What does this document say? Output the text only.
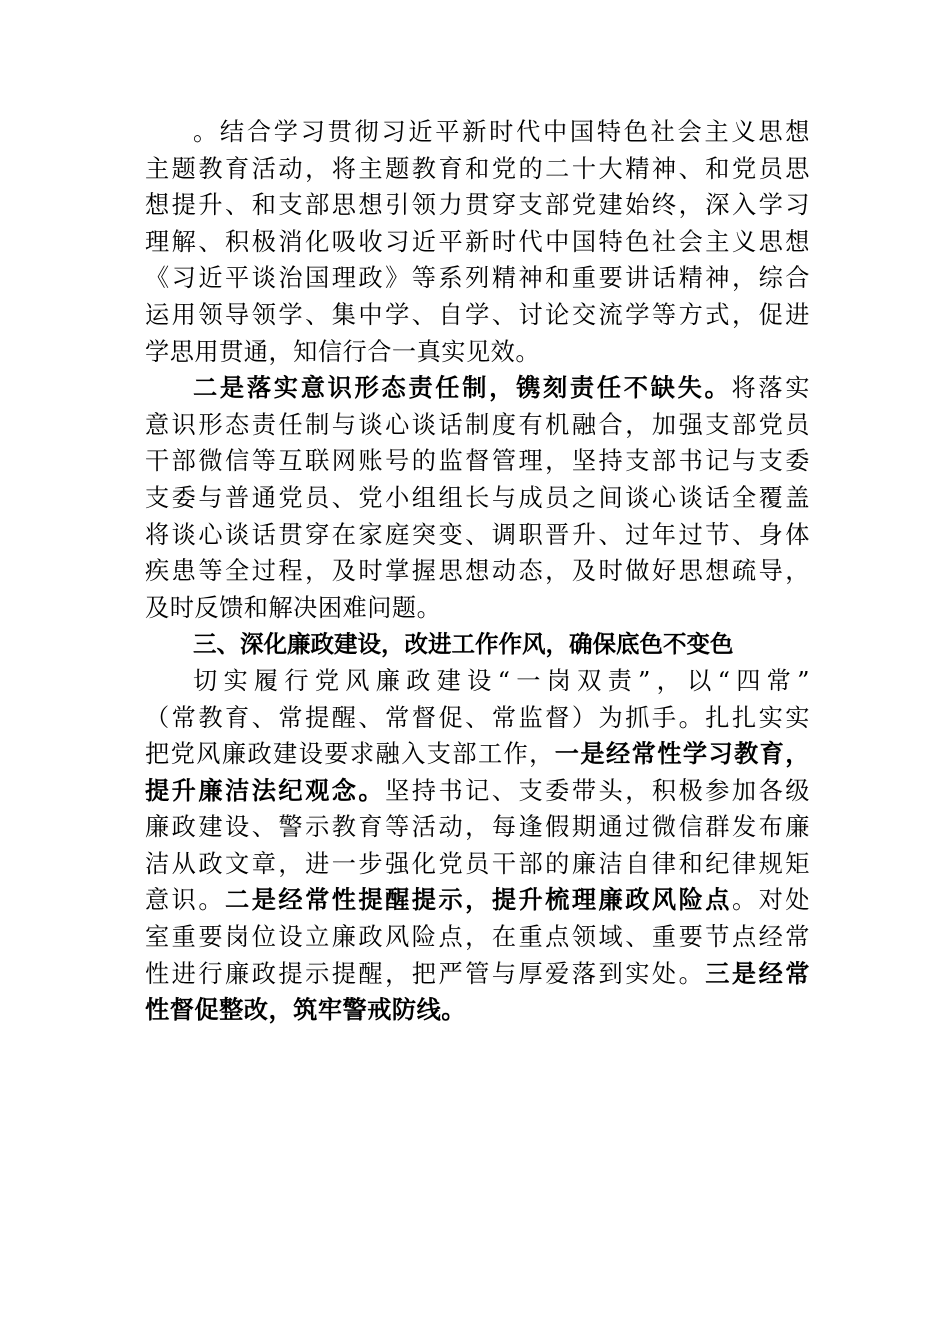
。结合学习贯彻习近平新时代中国特色社会主义思想
主题教育活动，将主题教育和党的二十大精神、和党员思
想提升、和支部思想引领力贯穿支部党建始终，深入学习
理解、积极消化吸收习近平新时代中国特色社会主义思想
《习近平谈治国理政》等系列精神和重要讲话精神，综合
运用领导领学、集中学、自学、讨论交流学等方式，促进
学思用贯通，知信行合一真实见效。
二是落实意识形态责任制，镌刻责任不缺失。将落实
意识形态责任制与谈心谈话制度有机融合，加强支部党员
干部微信等互联网账号的监督管理，坚持支部书记与支委
支委与普通党员、党小组组长与成员之间谈心谈话全覆盖
将谈心谈话贯穿在家庭突变、调职晋升、过年过节、身体
疾患等全过程，及时掌握思想动态，及时做好思想疏导，
及时反馈和解决困难问题。
三、深化廉政建设，改进工作作风，确保底色不变色
切实履行党风廉政建设“一岗双责”，以“四常”
（常教育、常提醒、常督促、常监督）为抓手。扎扎实实
把党风廉政建设要求融入支部工作，一是经常性学习教育，
提升廉洁法纪观念。坚持书记、支委带头，积极参加各级
廉政建设、警示教育等活动，每逢假期通过微信群发布廉
洁从政文章，进一步强化党员干部的廉洁自律和纪律规矩
意识。二是经常性提醒提示，提升梳理廉政风险点。对处
室重要岗位设立廉政风险点，在重点领域、重要节点经常
性进行廉政提示提醒，把严管与厚爱落到实处。三是经常
性督促整改，筑牢警戒防线。
